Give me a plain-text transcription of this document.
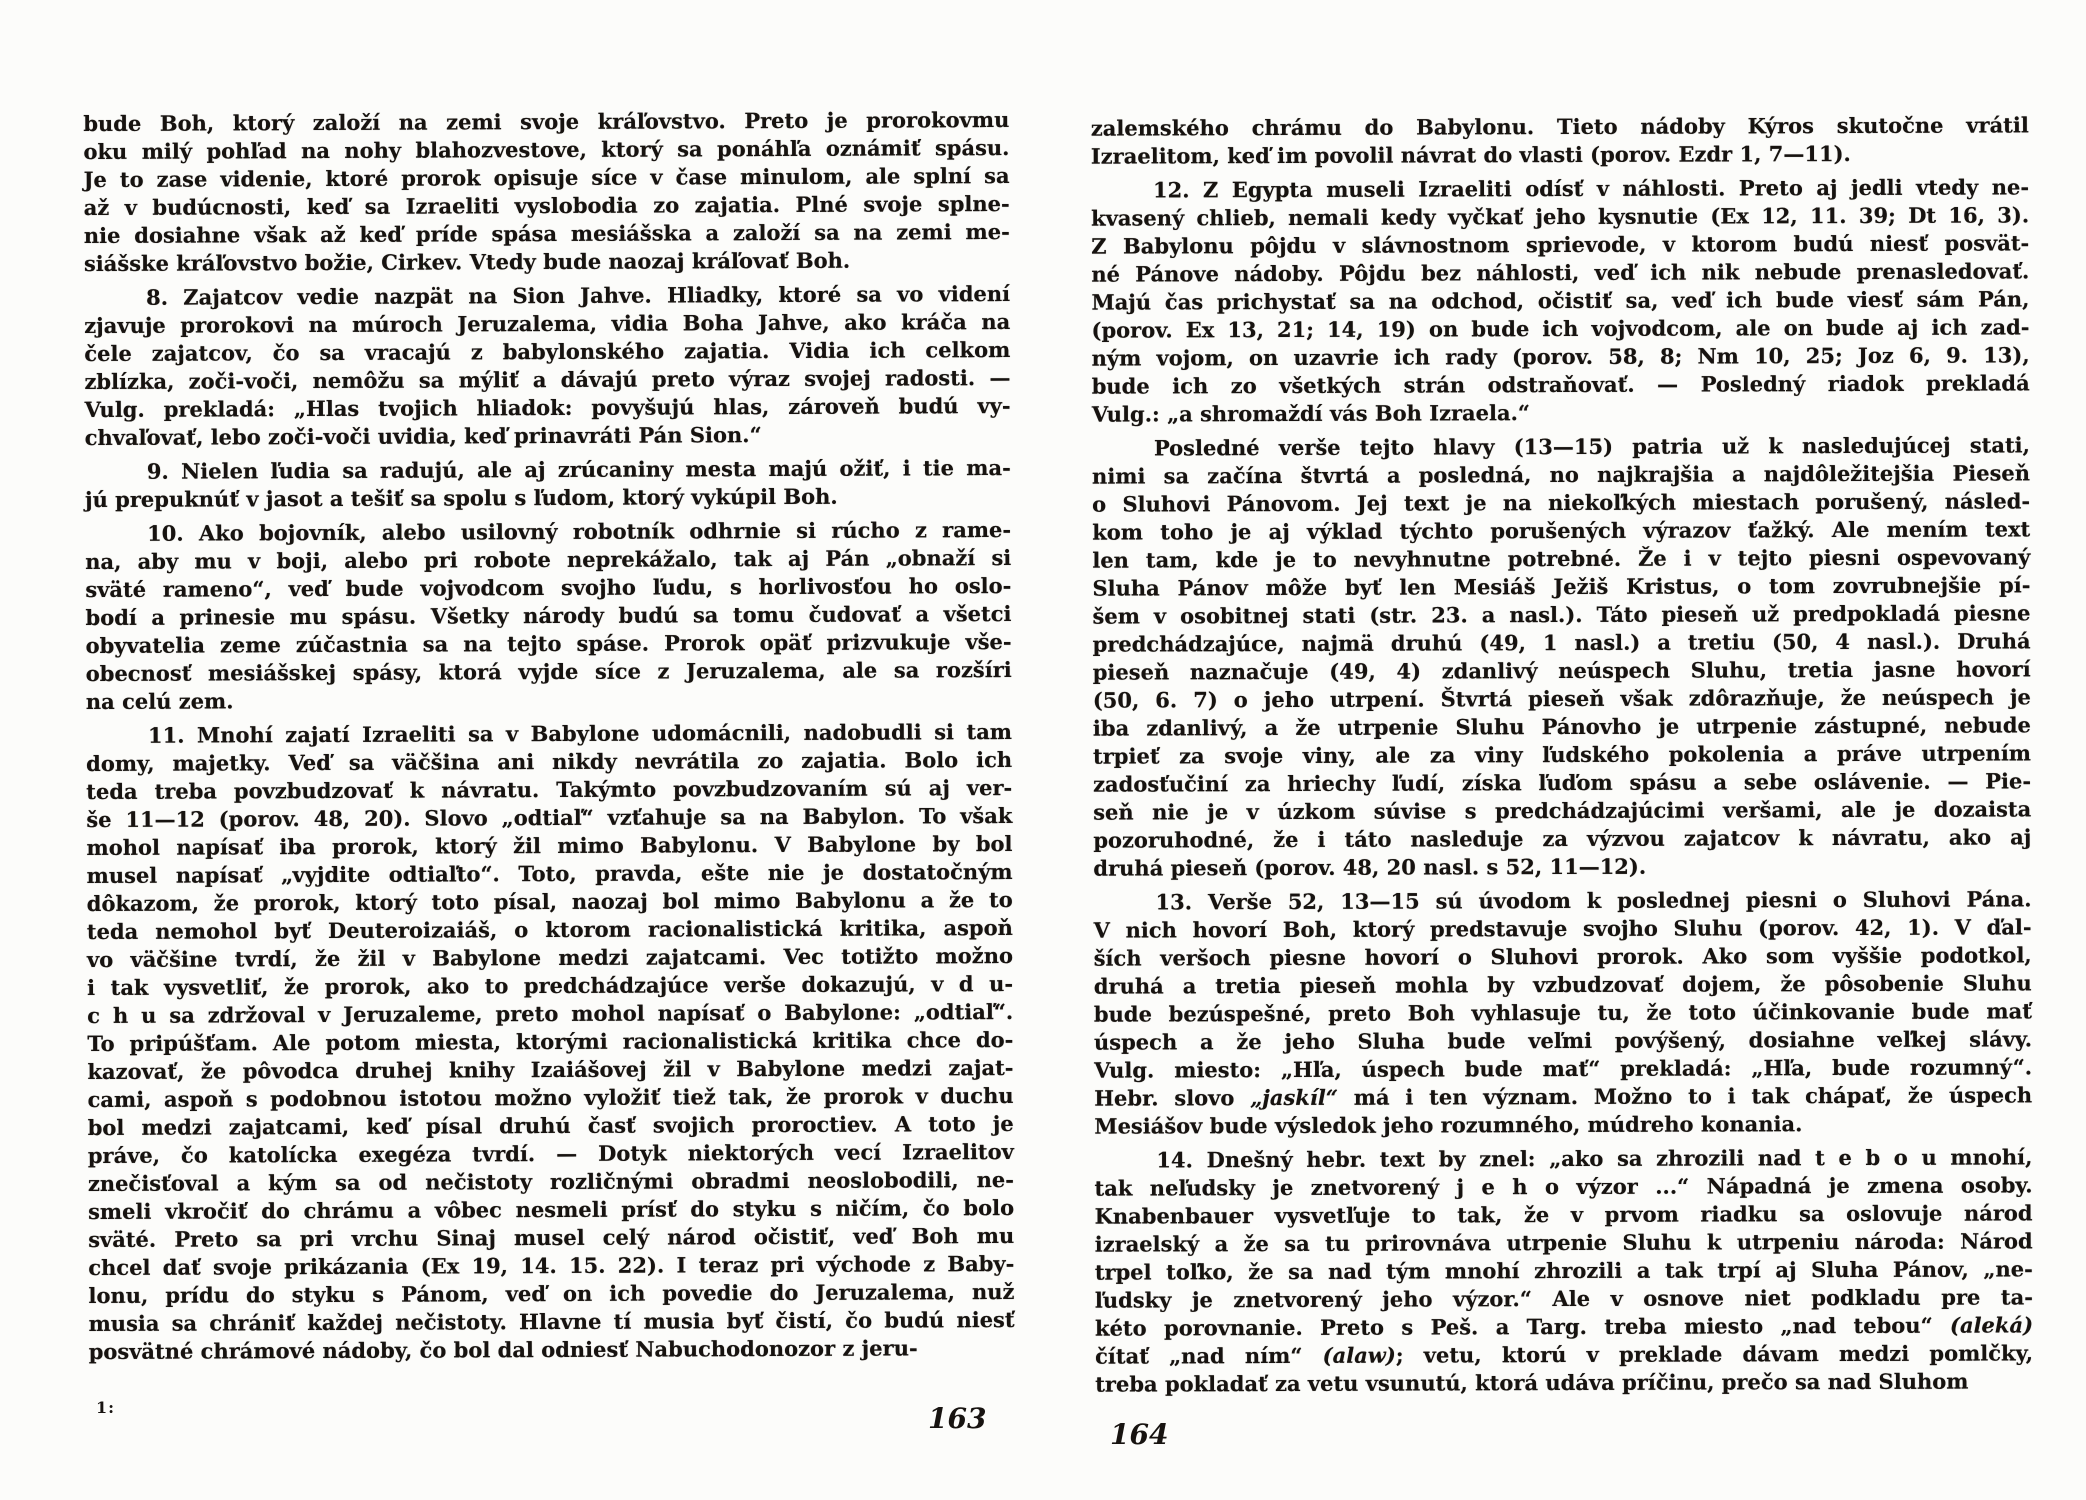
bude Boh, ktorý založí na zemi svoje kráľovstvo. Preto je prorokovmu
oku milý pohľad na nohy blahozvestove, ktorý sa ponáhľa oznámiť spásu.
Je to zase videnie, ktoré prorok opisuje síce v čase minulom, ale splní sa
až v budúcnosti, keď sa Izraeliti vyslobodia zo zajatia. Plné svoje splne-
nie dosiahne však až keď príde spása mesiášska a založí sa na zemi me-
siášske kráľovstvo božie, Cirkev. Vtedy bude naozaj kráľovať Boh.
8. Zajatcov vedie nazpät na Sion Jahve. Hliadky, ktoré sa vo videní
zjavuje prorokovi na múroch Jeruzalema, vidia Boha Jahve, ako kráča na
čele zajatcov, čo sa vracajú z babylonského zajatia. Vidia ich celkom
zblízka, zoči-voči, nemôžu sa mýliť a dávajú preto výraz svojej radosti. —
Vulg. prekladá: „Hlas tvojich hliadok: povyšujú hlas, zároveň budú vy-
chvaľovať, lebo zoči-voči uvidia, keď prinavráti Pán Sion.“
9. Nielen ľudia sa radujú, ale aj zrúcaniny mesta majú ožiť, i tie ma-
jú prepuknúť v jasot a tešiť sa spolu s ľudom, ktorý vykúpil Boh.
10. Ako bojovník, alebo usilovný robotník odhrnie si rúcho z rame-
na, aby mu v boji, alebo pri robote neprekážalo, tak aj Pán „obnaží si
sväté rameno“, veď bude vojvodcom svojho ľudu, s horlivosťou ho oslo-
bodí a prinesie mu spásu. Všetky národy budú sa tomu čudovať a všetci
obyvatelia zeme zúčastnia sa na tejto spáse. Prorok opäť prizvukuje vše-
obecnosť mesiášskej spásy, ktorá vyjde síce z Jeruzalema, ale sa rozšíri
na celú zem.
11. Mnohí zajatí Izraeliti sa v Babylone udomácnili, nadobudli si tam
domy, majetky. Veď sa väčšina ani nikdy nevrátila zo zajatia. Bolo ich
teda treba povzbudzovať k návratu. Takýmto povzbudzovaním sú aj ver-
še 11—12 (porov. 48, 20). Slovo „odtiaľ“ vzťahuje sa na Babylon. To však
mohol napísať iba prorok, ktorý žil mimo Babylonu. V Babylone by bol
musel napísať „vyjdite odtiaľto“. Toto, pravda, ešte nie je dostatočným
dôkazom, že prorok, ktorý toto písal, naozaj bol mimo Babylonu a že to
teda nemohol byť Deuteroizaiáš, o ktorom racionalistická kritika, aspoň
vo väčšine tvrdí, že žil v Babylone medzi zajatcami. Vec totižto možno
i tak vysvetliť, že prorok, ako to predchádzajúce verše dokazujú, v d u-
c h u sa zdržoval v Jeruzaleme, preto mohol napísať o Babylone: „odtiaľ“.
To pripúšťam. Ale potom miesta, ktorými racionalistická kritika chce do-
kazovať, že pôvodca druhej knihy Izaiášovej žil v Babylone medzi zajat-
cami, aspoň s podobnou istotou možno vyložiť tiež tak, že prorok v duchu
bol medzi zajatcami, keď písal druhú časť svojich proroctiev. A toto je
práve, čo katolícka exegéza tvrdí. — Dotyk niektorých vecí Izraelitov
znečisťoval a kým sa od nečistoty rozličnými obradmi neoslobodili, ne-
smeli vkročiť do chrámu a vôbec nesmeli prísť do styku s ničím, čo bolo
sväté. Preto sa pri vrchu Sinaj musel celý národ očistiť, veď Boh mu
chcel dať svoje prikázania (Ex 19, 14. 15. 22). I teraz pri východe z Baby-
lonu, prídu do styku s Pánom, veď on ich povedie do Jeruzalema, nuž
musia sa chrániť každej nečistoty. Hlavne tí musia byť čistí, čo budú niesť
posvätné chrámové nádoby, čo bol dal odniesť Nabuchodonozor z jeru-
zalemského chrámu do Babylonu. Tieto nádoby Kýros skutočne vrátil
Izraelitom, keď im povolil návrat do vlasti (porov. Ezdr 1, 7—11).
12. Z Egypta museli Izraeliti odísť v náhlosti. Preto aj jedli vtedy ne-
kvasený chlieb, nemali kedy vyčkať jeho kysnutie (Ex 12, 11. 39; Dt 16, 3).
Z Babylonu pôjdu v slávnostnom sprievode, v ktorom budú niesť posvät-
né Pánove nádoby. Pôjdu bez náhlosti, veď ich nik nebude prenasledovať.
Majú čas prichystať sa na odchod, očistiť sa, veď ich bude viesť sám Pán,
(porov. Ex 13, 21; 14, 19) on bude ich vojvodcom, ale on bude aj ich zad-
ným vojom, on uzavrie ich rady (porov. 58, 8; Nm 10, 25; Joz 6, 9. 13),
bude ich zo všetkých strán odstraňovať. — Posledný riadok prekladá
Vulg.: „a shromaždí vás Boh Izraela.“
Posledné verše tejto hlavy (13—15) patria už k nasledujúcej stati,
nimi sa začína štvrtá a posledná, no najkrajšia a najdôležitejšia Pieseň
o Sluhovi Pánovom. Jej text je na niekoľkých miestach porušený, násled-
kom toho je aj výklad týchto porušených výrazov ťažký. Ale mením text
len tam, kde je to nevyhnutne potrebné. Že i v tejto piesni ospevovaný
Sluha Pánov môže byť len Mesiáš Ježiš Kristus, o tom zovrubnejšie pí-
šem v osobitnej stati (str. 23. a nasl.). Táto pieseň už predpokladá piesne
predchádzajúce, najmä druhú (49, 1 nasl.) a tretiu (50, 4 nasl.). Druhá
pieseň naznačuje (49, 4) zdanlivý neúspech Sluhu, tretia jasne hovorí
(50, 6. 7) o jeho utrpení. Štvrtá pieseň však zdôrazňuje, že neúspech je
iba zdanlivý, a že utrpenie Sluhu Pánovho je utrpenie zástupné, nebude
trpieť za svoje viny, ale za viny ľudského pokolenia a práve utrpením
zadosťučiní za hriechy ľudí, získa ľuďom spásu a sebe oslávenie. — Pie-
seň nie je v úzkom súvise s predchádzajúcimi veršami, ale je dozaista
pozoruhodné, že i táto nasleduje za výzvou zajatcov k návratu, ako aj
druhá pieseň (porov. 48, 20 nasl. s 52, 11—12).
13. Verše 52, 13—15 sú úvodom k poslednej piesni o Sluhovi Pána.
V nich hovorí Boh, ktorý predstavuje svojho Sluhu (porov. 42, 1). V ďal-
ších veršoch piesne hovorí o Sluhovi prorok. Ako som vyššie podotkol,
druhá a tretia pieseň mohla by vzbudzovať dojem, že pôsobenie Sluhu
bude bezúspešné, preto Boh vyhlasuje tu, že toto účinkovanie bude mať
úspech a že jeho Sluha bude veľmi povýšený, dosiahne veľkej slávy.
Vulg. miesto: „Hľa, úspech bude mať“ prekladá: „Hľa, bude rozumný“.
Hebr. slovo „jaskíl“ má i ten význam. Možno to i tak chápať, že úspech
Mesiášov bude výsledok jeho rozumného, múdreho konania.
14. Dnešný hebr. text by znel: „ako sa zhrozili nad t e b o u mnohí,
tak neľudsky je znetvorený j e h o výzor ...“ Nápadná je zmena osoby.
Knabenbauer vysvetľuje to tak, že v prvom riadku sa oslovuje národ
izraelský a že sa tu prirovnáva utrpenie Sluhu k utrpeniu národa: Národ
trpel toľko, že sa nad tým mnohí zhrozili a tak trpí aj Sluha Pánov, „ne-
ľudsky je znetvorený jeho výzor.“ Ale v osnove niet podkladu pre ta-
kéto porovnanie. Preto s Peš. a Targ. treba miesto „nad tebou“ (aleká)
čítať „nad ním“ (alaw); vetu, ktorú v preklade dávam medzi pomlčky,
treba pokladať za vetu vsunutú, ktorá udáva príčinu, prečo sa nad Sluhom
1:	163	164
